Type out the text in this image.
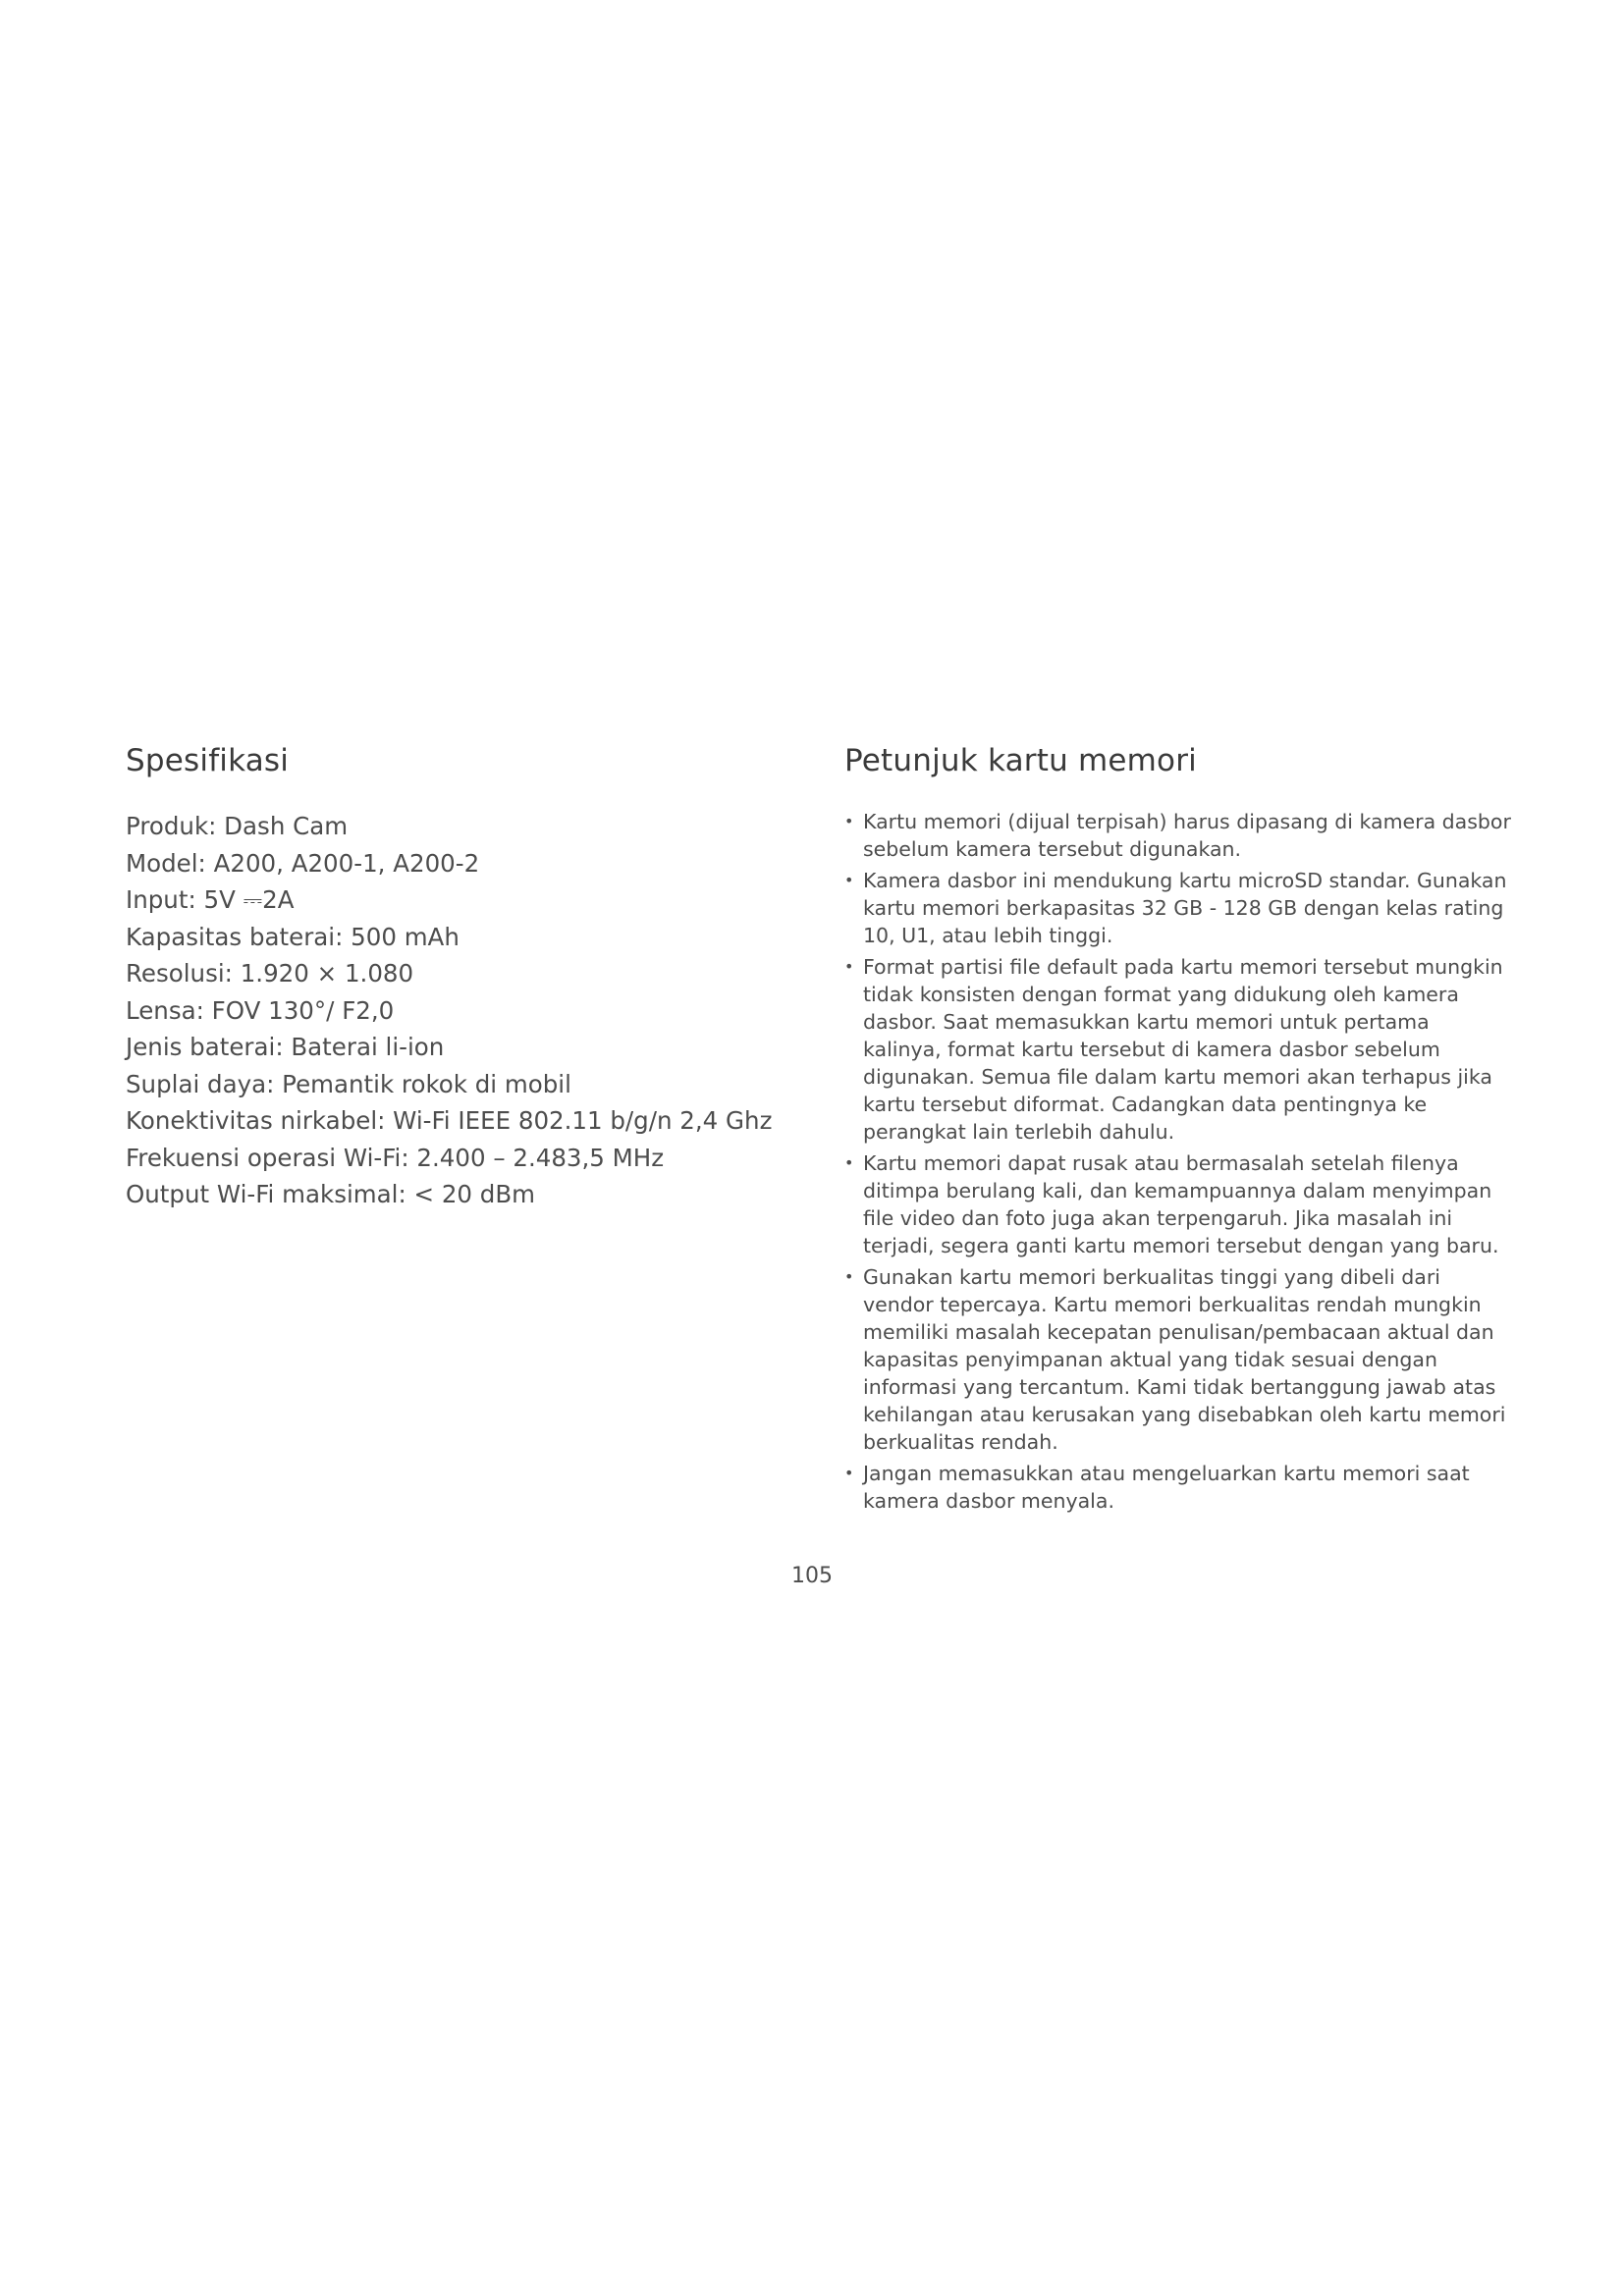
Spesifikasi
Produk: Dash Cam
Model: A200, A200-1, A200-2
Input: 5V ⎓2A
Kapasitas baterai: 500 mAh
Resolusi: 1.920 × 1.080
Lensa: FOV 130°/ F2,0
Jenis baterai: Baterai li-ion
Suplai daya: Pemantik rokok di mobil
Konektivitas nirkabel: Wi-Fi IEEE 802.11 b/g/n 2,4 Ghz
Frekuensi operasi Wi-Fi: 2.400 – 2.483,5 MHz
Output Wi-Fi maksimal: < 20 dBm
Petunjuk kartu memori
• Kartu memori (dijual terpisah) harus dipasang di kamera dasbor sebelum kamera tersebut digunakan.
• Kamera dasbor ini mendukung kartu microSD standar. Gunakan kartu memori berkapasitas 32 GB - 128 GB dengan kelas rating 10, U1, atau lebih tinggi.
• Format partisi file default pada kartu memori tersebut mungkin tidak konsisten dengan format yang didukung oleh kamera dasbor. Saat memasukkan kartu memori untuk pertama kalinya, format kartu tersebut di kamera dasbor sebelum digunakan. Semua file dalam kartu memori akan terhapus jika kartu tersebut diformat. Cadangkan data pentingnya ke perangkat lain terlebih dahulu.
• Kartu memori dapat rusak atau bermasalah setelah filenya ditimpa berulang kali, dan kemampuannya dalam menyimpan file video dan foto juga akan terpengaruh. Jika masalah ini terjadi, segera ganti kartu memori tersebut dengan yang baru.
• Gunakan kartu memori berkualitas tinggi yang dibeli dari vendor tepercaya. Kartu memori berkualitas rendah mungkin memiliki masalah kecepatan penulisan/pembacaan aktual dan kapasitas penyimpanan aktual yang tidak sesuai dengan informasi yang tercantum. Kami tidak bertanggung jawab atas kehilangan atau kerusakan yang disebabkan oleh kartu memori berkualitas rendah.
• Jangan memasukkan atau mengeluarkan kartu memori saat kamera dasbor menyala.
105
